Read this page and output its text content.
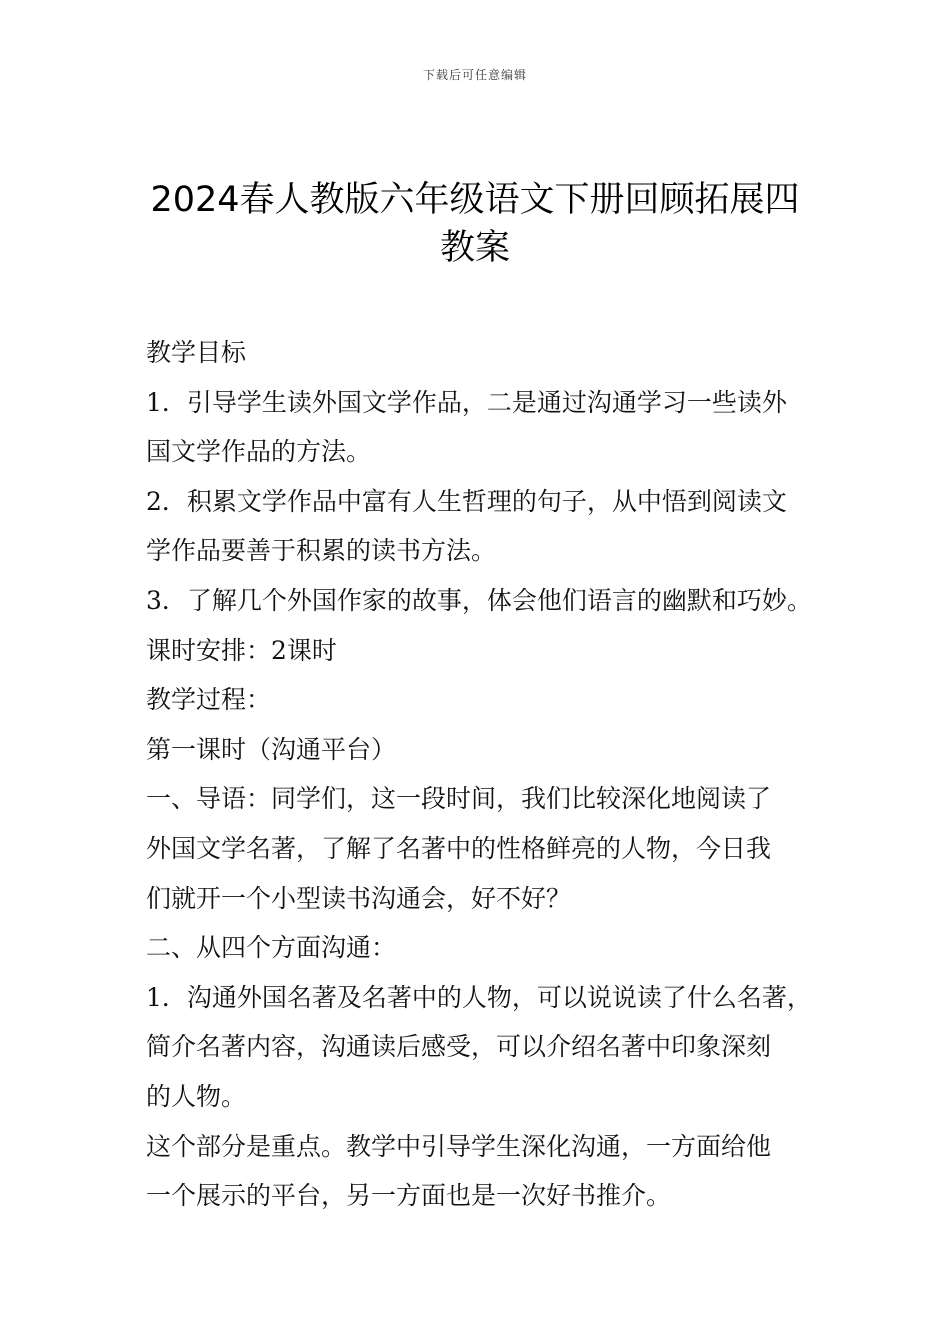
下载后可任意编辑
2024春人教版六年级语文下册回顾拓展四
教案
教学目标
1．引导学生读外国文学作品，二是通过沟通学习一些读外
国文学作品的方法。
2．积累文学作品中富有人生哲理的句子，从中悟到阅读文
学作品要善于积累的读书方法。
3．了解几个外国作家的故事，体会他们语言的幽默和巧妙。
课时安排：2课时
教学过程：
第一课时（沟通平台）
一、导语：同学们，这一段时间，我们比较深化地阅读了
外国文学名著，了解了名著中的性格鲜亮的人物，今日我
们就开一个小型读书沟通会，好不好？
二、从四个方面沟通：
1．沟通外国名著及名著中的人物，可以说说读了什么名著，
简介名著内容，沟通读后感受，可以介绍名著中印象深刻
的人物。
这个部分是重点。教学中引导学生深化沟通，一方面给他
一个展示的平台，另一方面也是一次好书推介。
